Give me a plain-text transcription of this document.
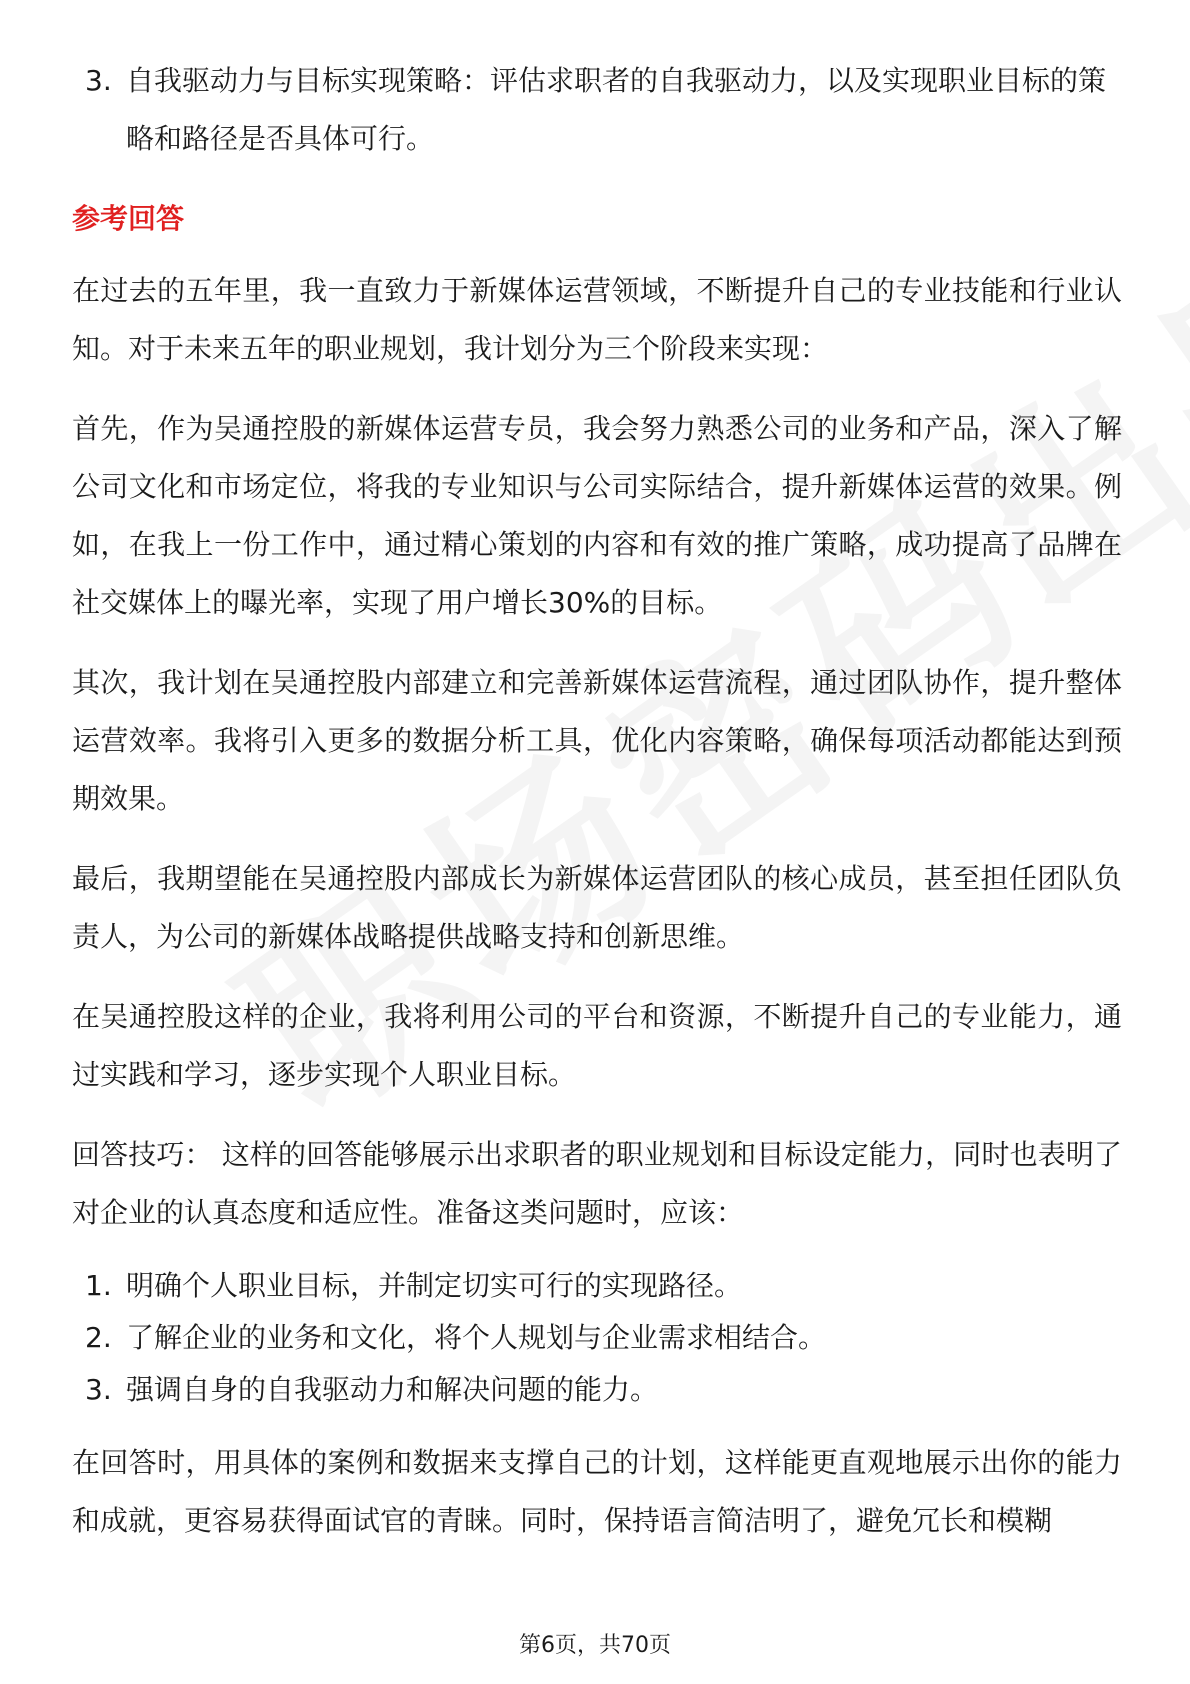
3. 自我驱动力与目标实现策略：评估求职者的自我驱动力，以及实现职业目标的策略和路径是否具体可行。
参考回答

在过去的五年里，我一直致力于新媒体运营领域，不断提升自己的专业技能和行业认知。对于未来五年的职业规划，我计划分为三个阶段来实现：

首先，作为吴通控股的新媒体运营专员，我会努力熟悉公司的业务和产品，深入了解公司文化和市场定位，将我的专业知识与公司实际结合，提升新媒体运营的效果。例如，在我上一份工作中，通过精心策划的内容和有效的推广策略，成功提高了品牌在社交媒体上的曝光率，实现了用户增长30%的目标。

其次，我计划在吴通控股内部建立和完善新媒体运营流程，通过团队协作，提升整体运营效率。我将引入更多的数据分析工具，优化内容策略，确保每项活动都能达到预期效果。

最后，我期望能在吴通控股内部成长为新媒体运营团队的核心成员，甚至担任团队负责人，为公司的新媒体战略提供战略支持和创新思维。

在吴通控股这样的企业，我将利用公司的平台和资源，不断提升自己的专业能力，通过实践和学习，逐步实现个人职业目标。

回答技巧： 这样的回答能够展示出求职者的职业规划和目标设定能力，同时也表明了对企业的认真态度和适应性。准备这类问题时，应该：

1. 明确个人职业目标，并制定切实可行的实现路径。
2. 了解企业的业务和文化，将个人规划与企业需求相结合。
3. 强调自身的自我驱动力和解决问题的能力。

在回答时，用具体的案例和数据来支撑自己的计划，这样能更直观地展示出你的能力和成就，更容易获得面试官的青睐。同时，保持语言简洁明了，避免冗长和模糊

第6页，共70页
